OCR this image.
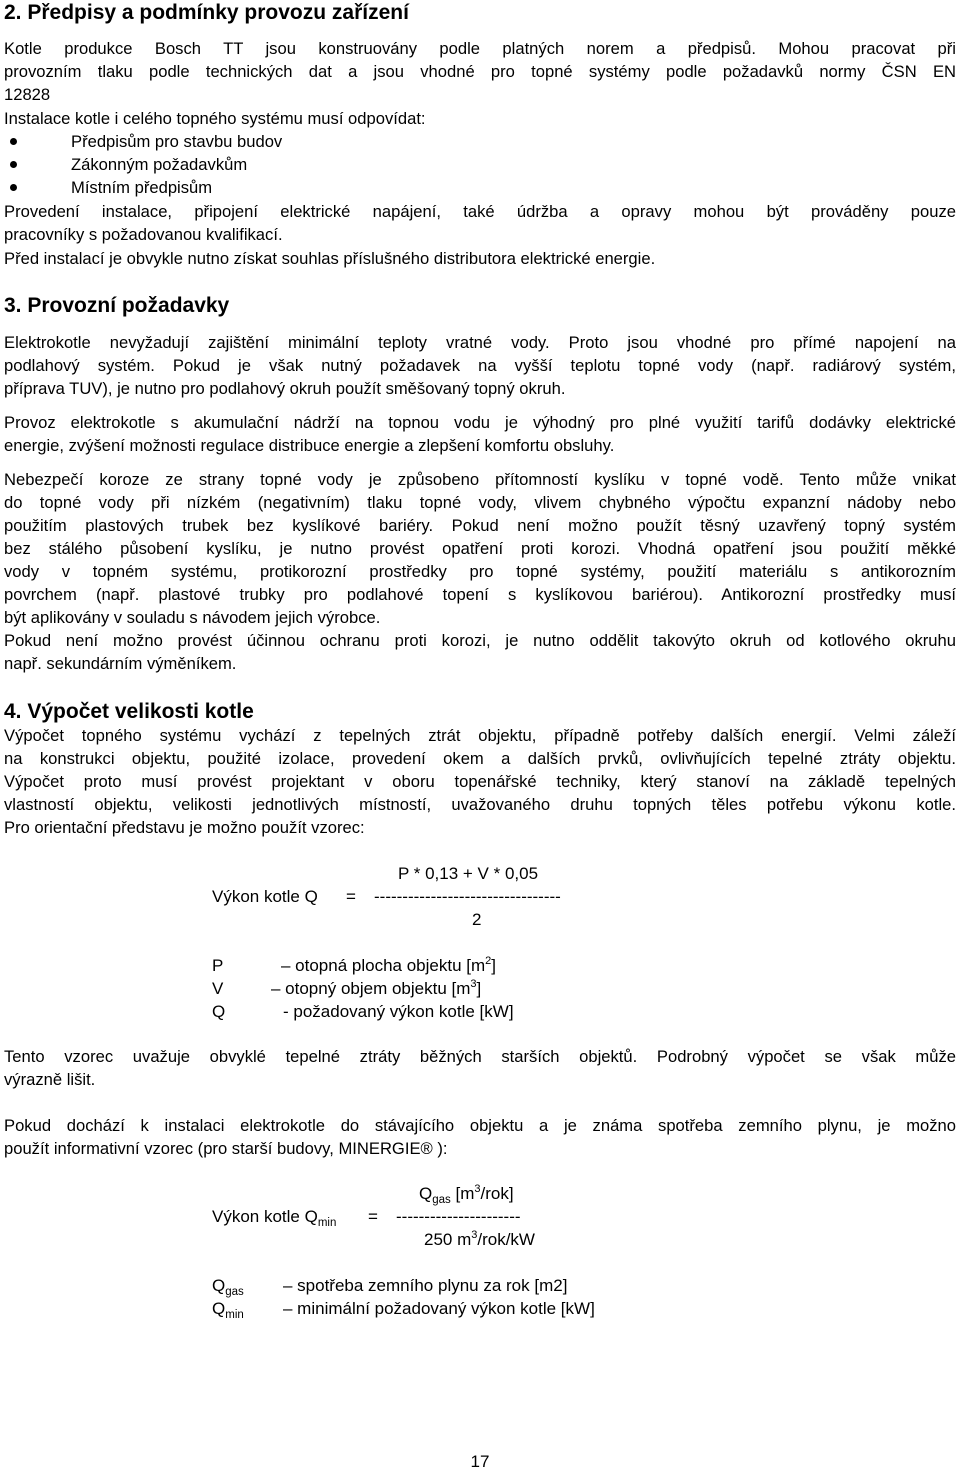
2. Předpisy a podmínky provozu zařízení

Kotle produkce Bosch TT jsou konstruovány podle platných norem a předpisů. Mohou pracovat při
provozním tlaku podle technických dat a jsou vhodné pro topné systémy podle požadavků normy ČSN EN
12828

Instalace kotle i celého topného systému musí odpovídat:

Předpisům pro stavbu budov
Zákonným požadavkům
Místním předpisům

Provedení instalace, připojení elektrické napájení, také údržba a opravy mohou být prováděny pouze
pracovníky s požadovanou kvalifikací.

Před instalací je obvykle nutno získat souhlas příslušného distributora elektrické energie.

3. Provozní požadavky

Elektrokotle nevyžadují zajištění minimální teploty vratné vody. Proto jsou vhodné pro přímé napojení na
podlahový systém. Pokud je však nutný požadavek na vyšší teplotu topné vody (např. radiárový systém,
příprava TUV), je nutno pro podlahový okruh použít směšovaný topný okruh.

Provoz elektrokotle s akumulační nádrží na topnou vodu je výhodný pro plné využití tarifů dodávky elektrické
energie, zvýšení možnosti regulace distribuce energie a zlepšení komfortu obsluhy.

Nebezpečí koroze ze strany topné vody je způsobeno přítomností kyslíku v topné vodě. Tento může vnikat
do topné vody při nízkém (negativním) tlaku topné vody, vlivem chybného výpočtu expanzní nádoby nebo
použitím plastových trubek bez kyslíkové bariéry. Pokud není možno použít těsný uzavřený topný systém
bez stálého působení kyslíku, je nutno provést opatření proti korozi. Vhodná opatření jsou použití měkké
vody v topném systému, protikorozní prostředky pro topné systémy, použití materiálu s antikorozním
povrchem (např. plastové trubky pro podlahové topení s kyslíkovou bariérou). Antikorozní prostředky musí
být aplikovány v souladu s návodem jejich výrobce.

Pokud není možno provést účinnou ochranu proti korozi, je nutno oddělit takovýto okruh od kotlového okruhu
např. sekundárním výměníkem.

4. Výpočet velikosti kotle

Výpočet topného systému vychází z tepelných ztrát objektu, případně potřeby dalších energií. Velmi záleží
na konstrukci objektu, použité izolace, provedení okem a dalších prvků, ovlivňujících tepelné ztráty objektu.
Výpočet proto musí provést projektant v oboru topenářské techniky, který stanoví na základě tepelných
vlastností objektu, velikosti jednotlivých místností, uvažovaného druhu topných těles potřebu výkonu kotle.

Pro orientační představu je možno použít vzorec:

P * 0,13 + V * 0,05
Výkon kotle Q = ---------------------------------
2
P	– otopná plocha objektu $[m^2]$
V	– otopný objem objektu $[m^3]$
Q	- požadovaný výkon kotle [kW]

Tento vzorec uvažuje obvyklé tepelné ztráty běžných starších objektů. Podrobný výpočet se však může
výrazně lišit.

Pokud dochází k instalaci elektrokotle do stávajícího objektu a je známa spotřeba zemního plynu, je možno
použít informativní vzorec (pro starší budovy, MINERGIE® ):

$Q_{gas}$ $[m^3/rok]$
Výkon kotle $Q_{min}$ = ----------------------
250 $m^3/rok/kW$
$Q_{gas}$ – spotřeba zemního plynu za rok [m2]
$Q_{min}$ – minimální požadovaný výkon kotle [kW]
17
